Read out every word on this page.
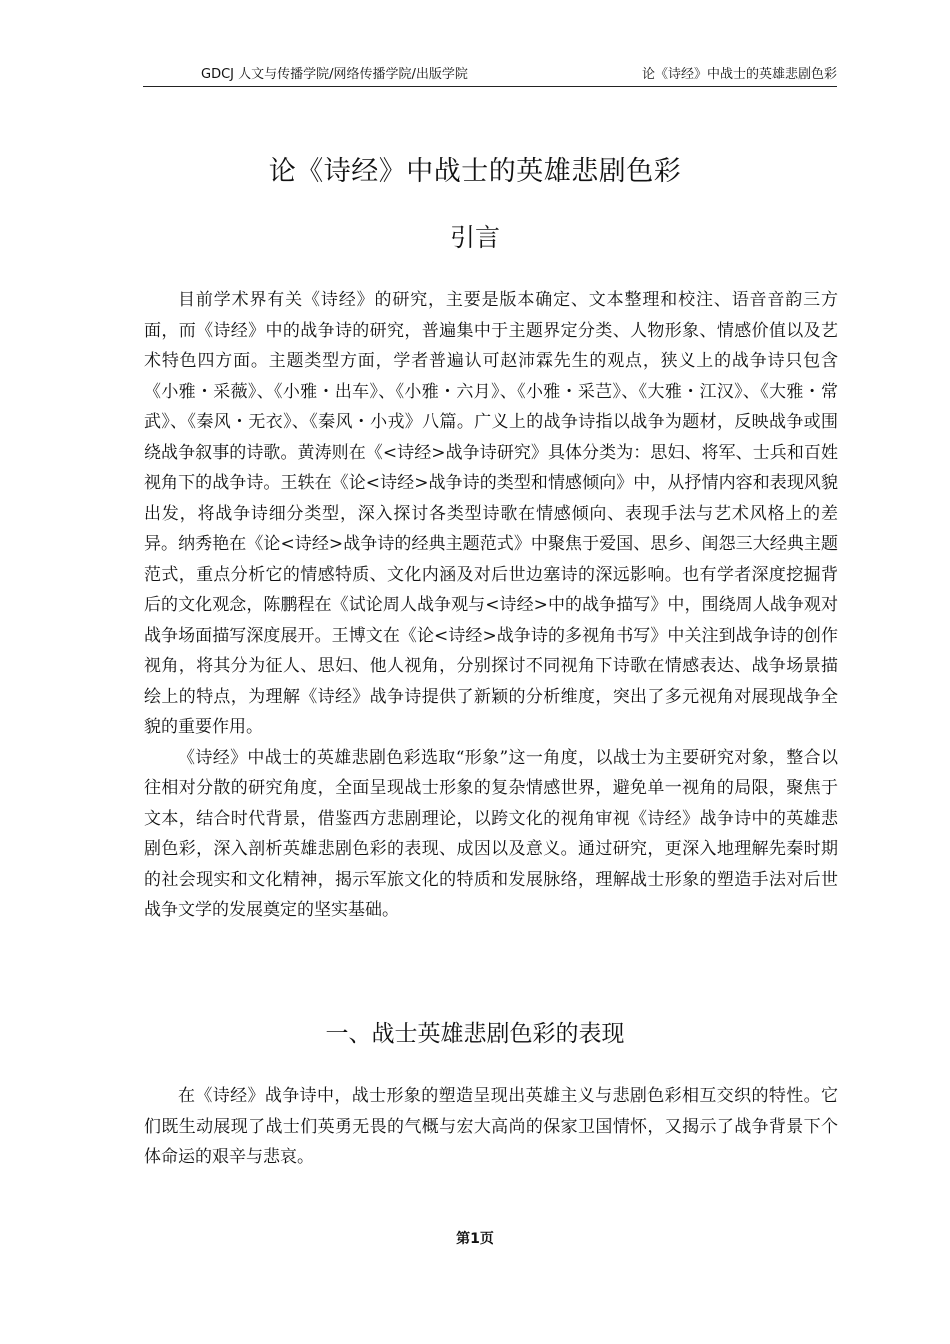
GDCJ 人文与传播学院/网络传播学院/出版学院	论《诗经》中战士的英雄悲剧色彩
论《诗经》中战士的英雄悲剧色彩
引言

目前学术界有关《诗经》的研究，主要是版本确定、文本整理和校注、语音音韵三方面，而《诗经》中的战争诗的研究，普遍集中于主题界定分类、人物形象、情感价值以及艺术特色四方面。主题类型方面，学者普遍认可赵沛霖先生的观点，狭义上的战争诗只包含《小雅・采薇》、《小雅・出车》、《小雅・六月》、《小雅・采芑》、《大雅・江汉》、《大雅・常武》、《秦风・无衣》、《秦风・小戎》八篇。广义上的战争诗指以战争为题材，反映战争或围绕战争叙事的诗歌。黄涛则在《<诗经>战争诗研究》具体分类为：思妇、将军、士兵和百姓视角下的战争诗。王轶在《论<诗经>战争诗的类型和情感倾向》中，从抒情内容和表现风貌出发，将战争诗细分类型，深入探讨各类型诗歌在情感倾向、表现手法与艺术风格上的差异。纳秀艳在《论<诗经>战争诗的经典主题范式》中聚焦于爱国、思乡、闺怨三大经典主题范式，重点分析它的情感特质、文化内涵及对后世边塞诗的深远影响。也有学者深度挖掘背后的文化观念，陈鹏程在《试论周人战争观与<诗经>中的战争描写》中，围绕周人战争观对战争场面描写深度展开。王博文在《论<诗经>战争诗的多视角书写》中关注到战争诗的创作视角，将其分为征人、思妇、他人视角，分别探讨不同视角下诗歌在情感表达、战争场景描绘上的特点，为理解《诗经》战争诗提供了新颖的分析维度，突出了多元视角对展现战争全貌的重要作用。

《诗经》中战士的英雄悲剧色彩选取“形象”这一角度，以战士为主要研究对象，整合以往相对分散的研究角度，全面呈现战士形象的复杂情感世界，避免单一视角的局限，聚焦于文本，结合时代背景，借鉴西方悲剧理论，以跨文化的视角审视《诗经》战争诗中的英雄悲剧色彩，深入剖析英雄悲剧色彩的表现、成因以及意义。通过研究，更深入地理解先秦时期的社会现实和文化精神，揭示军旅文化的特质和发展脉络，理解战士形象的塑造手法对后世战争文学的发展奠定的坚实基础。

一、战士英雄悲剧色彩的表现

在《诗经》战争诗中，战士形象的塑造呈现出英雄主义与悲剧色彩相互交织的特性。它们既生动展现了战士们英勇无畏的气概与宏大高尚的保家卫国情怀，又揭示了战争背景下个体命运的艰辛与悲哀。

第1页
